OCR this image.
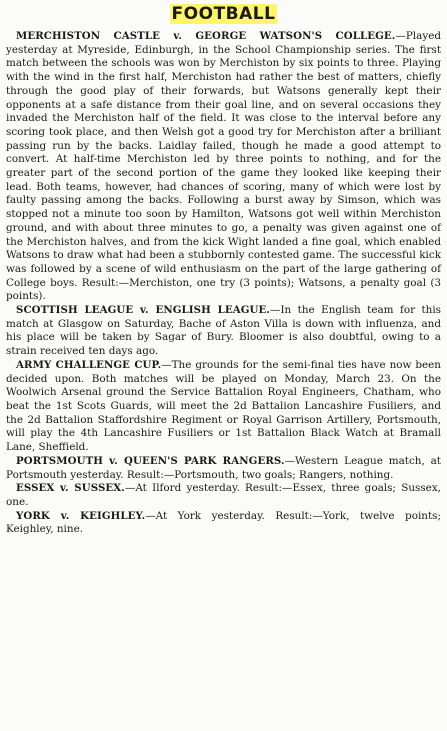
FOOTBALL

MERCHISTON CASTLE v. GEORGE WATSON'S COLLEGE.—Played yesterday at Myreside, Edinburgh, in the School Championship series. The first match between the schools was won by Merchiston by six points to three. Playing with the wind in the first half, Merchiston had rather the best of matters, chiefly through the good play of their forwards, but Watsons generally kept their opponents at a safe distance from their goal line, and on several occasions they invaded the Merchiston half of the field. It was close to the interval before any scoring took place, and then Welsh got a good try for Merchiston after a brilliant passing run by the backs. Laidlay failed, though he made a good attempt to convert. At half-time Merchiston led by three points to nothing, and for the greater part of the second portion of the game they looked like keeping their lead. Both teams, however, had chances of scoring, many of which were lost by faulty passing among the backs. Following a burst away by Simson, which was stopped not a minute too soon by Hamilton, Watsons got well within Merchiston ground, and with about three minutes to go, a penalty was given against one of the Merchiston halves, and from the kick Wight landed a fine goal, which enabled Watsons to draw what had been a stubbornly contested game. The successful kick was followed by a scene of wild enthusiasm on the part of the large gathering of College boys. Result:—Merchiston, one try (3 points); Watsons, a penalty goal (3 points).

SCOTTISH LEAGUE v. ENGLISH LEAGUE.—In the English team for this match at Glasgow on Saturday, Bache of Aston Villa is down with influenza, and his place will be taken by Sagar of Bury. Bloomer is also doubtful, owing to a strain received ten days ago.

ARMY CHALLENGE CUP.—The grounds for the semi-final ties have now been decided upon. Both matches will be played on Monday, March 23. On the Woolwich Arsenal ground the Service Battalion Royal Engineers, Chatham, who beat the 1st Scots Guards, will meet the 2d Battalion Lancashire Fusiliers, and the 2d Battalion Staffordshire Regiment or Royal Garrison Artillery, Portsmouth, will play the 4th Lancashire Fusiliers or 1st Battalion Black Watch at Bramall Lane, Sheffield.

PORTSMOUTH v. QUEEN'S PARK RANGERS.—Western League match, at Portsmouth yesterday. Result:—Portsmouth, two goals; Rangers, nothing.

ESSEX v. SUSSEX.—At Ilford yesterday. Result:—Essex, three goals; Sussex, one.

YORK v. KEIGHLEY.—At York yesterday. Result:—York, twelve points; Keighley, nine.
